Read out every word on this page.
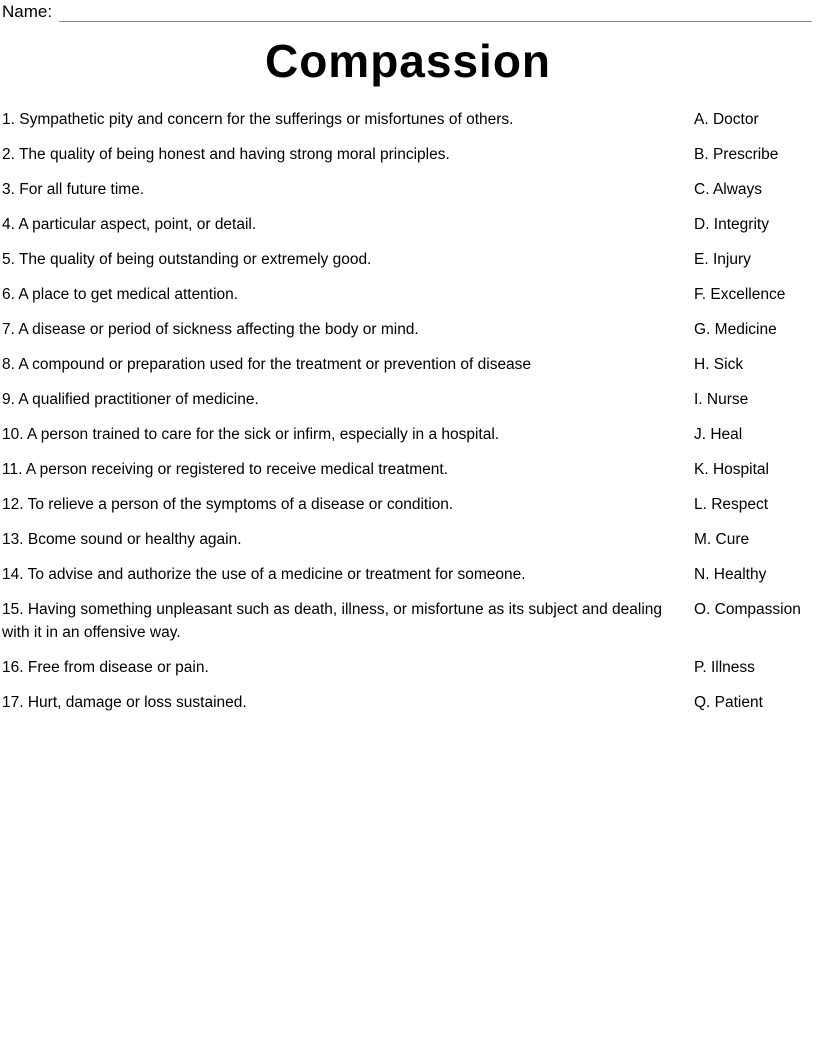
Name:
Compassion
1. Sympathetic pity and concern for the sufferings or misfortunes of others.	A. Doctor
2. The quality of being honest and having strong moral principles.	B. Prescribe
3. For all future time.	C. Always
4. A particular aspect, point, or detail.	D. Integrity
5. The quality of being outstanding or extremely good.	E. Injury
6. A place to get medical attention.	F. Excellence
7. A disease or period of sickness affecting the body or mind.	G. Medicine
8. A compound or preparation used for the treatment or prevention of disease	H. Sick
9. A qualified practitioner of medicine.	I. Nurse
10. A person trained to care for the sick or infirm, especially in a hospital.	J. Heal
11. A person receiving or registered to receive medical treatment.	K. Hospital
12. To relieve a person of the symptoms of a disease or condition.	L. Respect
13. Bcome sound or healthy again.	M. Cure
14. To advise and authorize the use of a medicine or treatment for someone.	N. Healthy
15. Having something unpleasant such as death, illness, or misfortune as its subject and dealing with it in an offensive way.
O. Compassion
16. Free from disease or pain.	P. Illness
17. Hurt, damage or loss sustained.	Q. Patient
